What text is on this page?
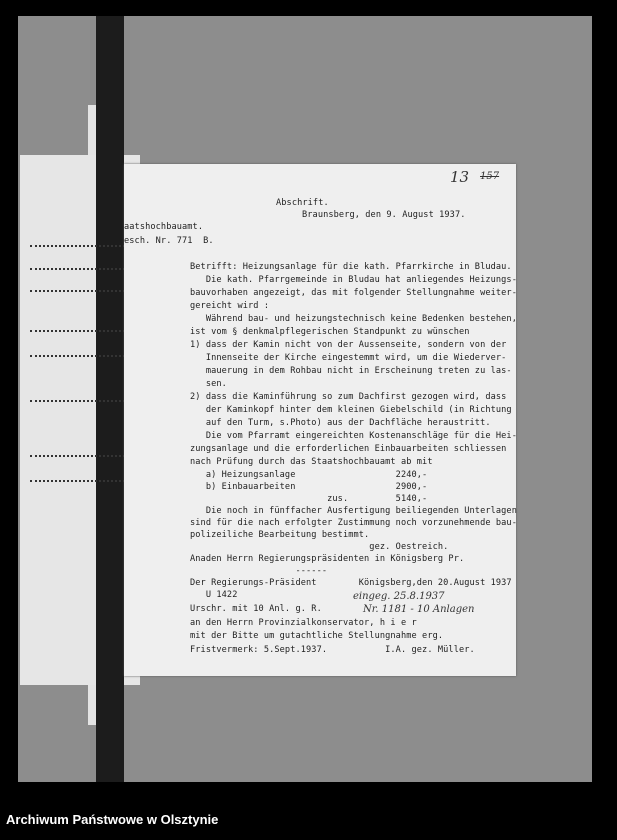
13 157
Abschrift.
Braunsberg, den 9. August 1937.
aatshochbauamt.
esch. Nr. 771  B.
Betrifft: Heizungsanlage für die kath. Pfarrkirche in Bludau.
Die kath. Pfarrgemeinde in Bludau hat anliegendes Heizungs-
bauvorhaben angezeigt, das mit folgender Stellungnahme weiter-
gereicht wird :
Während bau- und heizungstechnisch keine Bedenken bestehen,
ist vom § denkmalpflegerischen Standpunkt zu wünschen
1) dass der Kamin nicht von der Aussenseite, sondern von der
Innenseite der Kirche eingestemmt wird, um die Wiederver-
mauerung in dem Rohbau nicht in Erscheinung treten zu las-
sen.
2) dass die Kaminführung so zum Dachfirst gezogen wird, dass
der Kaminkopf hinter dem kleinen Giebelschild (in Richtung
auf den Turm, s.Photo) aus der Dachfläche heraustritt.
Die vom Pfarramt eingereichten Kostenanschläge für die Hei-
zungsanlage und die erforderlichen Einbauarbeiten schliessen
nach Prüfung durch das Staatshochbauamt ab mit
a) Heizungsanlage                   2240,-
b) Einbauarbeiten                   2900,-
zus.         5140,-
Die noch in fünffacher Ausfertigung beiliegenden Unterlagen
sind für die nach erfolgter Zustimmung noch vorzunehmende bau-
polizeiliche Bearbeitung bestimmt.
gez. Oestreich.
Anaden Herrn Regierungspräsidenten in Königsberg Pr.
------
Der Regierungs-Präsident        Königsberg,den 20.August 1937
U 1422
Urschr. mit 10 Anl. g. R.
an den Herrn Provinzialkonservator, h i e r
mit der Bitte um gutachtliche Stellungnahme erg.
Fristvermerk: 5.Sept.1937.           I.A. gez. Müller.
eingeg. 25.8.1937
Nr. 1181 - 10 Anlagen
Archiwum Państwowe w Olsztynie
